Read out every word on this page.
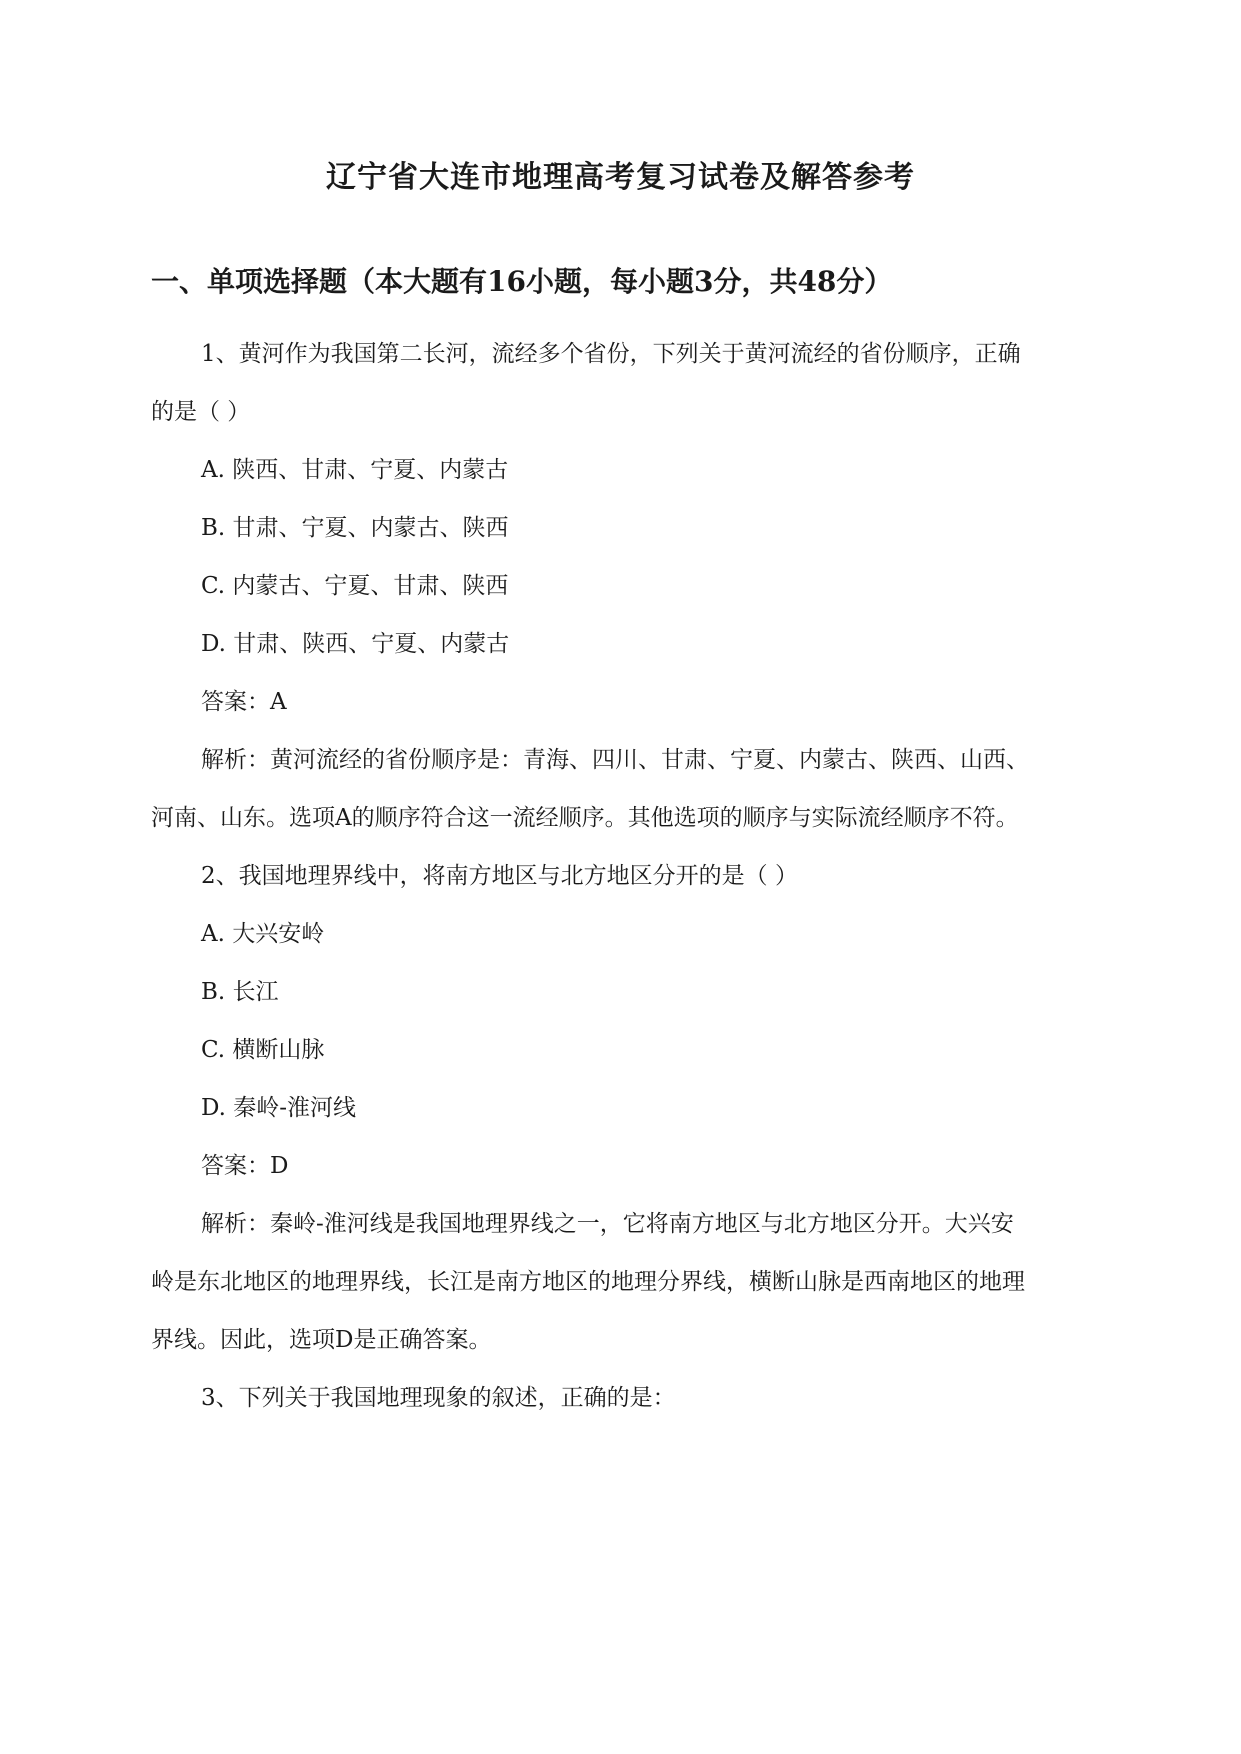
辽宁省大连市地理高考复习试卷及解答参考
一、单项选择题（本大题有16小题，每小题3分，共48分）
1、黄河作为我国第二长河，流经多个省份，下列关于黄河流经的省份顺序，正确
的是（ ）
A. 陕西、甘肃、宁夏、内蒙古
B. 甘肃、宁夏、内蒙古、陕西
C. 内蒙古、宁夏、甘肃、陕西
D. 甘肃、陕西、宁夏、内蒙古
答案：A
解析：黄河流经的省份顺序是：青海、四川、甘肃、宁夏、内蒙古、陕西、山西、
河南、山东。选项A的顺序符合这一流经顺序。其他选项的顺序与实际流经顺序不符。
2、我国地理界线中，将南方地区与北方地区分开的是（ ）
A. 大兴安岭
B. 长江
C. 横断山脉
D. 秦岭-淮河线
答案：D
解析：秦岭-淮河线是我国地理界线之一，它将南方地区与北方地区分开。大兴安
岭是东北地区的地理界线，长江是南方地区的地理分界线，横断山脉是西南地区的地理
界线。因此，选项D是正确答案。
3、下列关于我国地理现象的叙述，正确的是：
